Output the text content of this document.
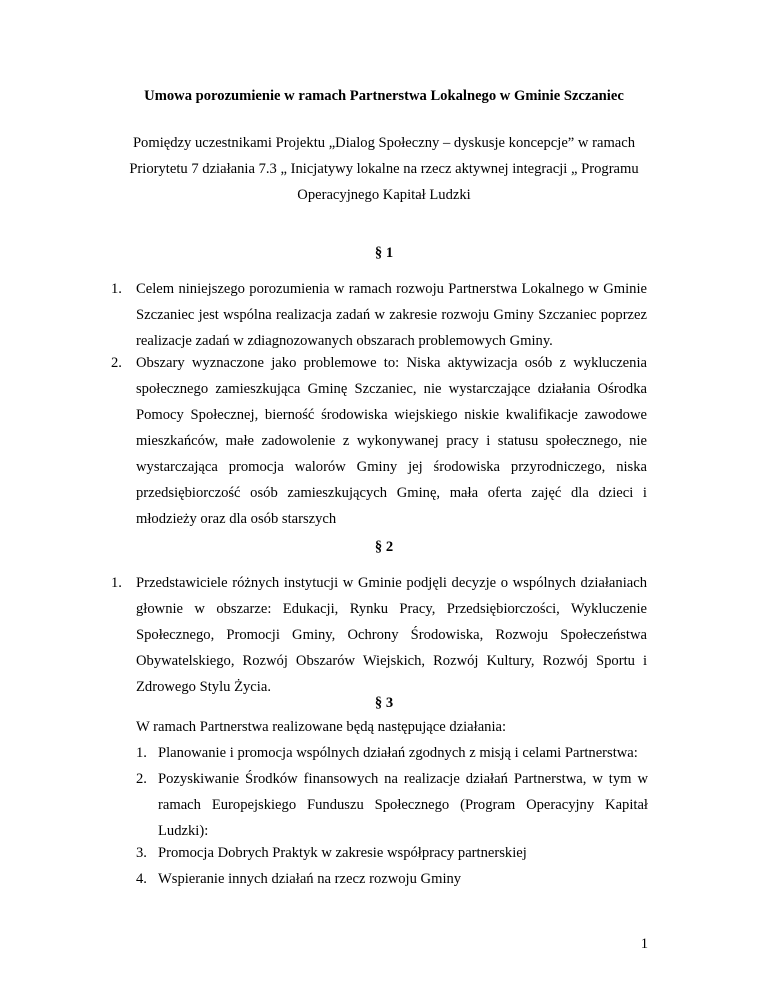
Umowa porozumienie w ramach Partnerstwa Lokalnego w Gminie Szczaniec
Pomiędzy uczestnikami Projektu „Dialog Społeczny – dyskusje koncepcje” w ramach Priorytetu 7 działania 7.3 „ Inicjatywy lokalne na rzecz aktywnej integracji „ Programu Operacyjnego Kapitał Ludzki
§ 1
1. Celem niniejszego porozumienia w ramach rozwoju Partnerstwa Lokalnego w Gminie Szczaniec jest wspólna realizacja zadań w zakresie rozwoju Gminy Szczaniec poprzez realizacje zadań w zdiagnozowanych obszarach problemowych Gminy.
2. Obszary wyznaczone jako problemowe to: Niska aktywizacja osób z wykluczenia społecznego zamieszkująca Gminę Szczaniec, nie wystarczające działania Ośrodka Pomocy Społecznej, bierność środowiska wiejskiego niskie kwalifikacje zawodowe mieszkańców, małe zadowolenie z wykonywanej pracy i statusu społecznego, nie wystarczająca promocja walorów Gminy jej środowiska przyrodniczego, niska przedsiębiorczość osób zamieszkujących Gminę, mała oferta zajęć dla dzieci i młodzieży oraz dla osób starszych
§ 2
1. Przedstawiciele różnych instytucji w Gminie podjęli decyzje o wspólnych działaniach głownie w obszarze: Edukacji, Rynku Pracy, Przedsiębiorczości, Wykluczenie Społecznego, Promocji Gminy, Ochrony Środowiska, Rozwoju Społeczeństwa Obywatelskiego, Rozwój Obszarów Wiejskich, Rozwój Kultury, Rozwój Sportu i Zdrowego Stylu Życia.
§ 3
W ramach Partnerstwa realizowane będą następujące działania:
1. Planowanie i promocja wspólnych działań zgodnych z misją i celami Partnerstwa:
2. Pozyskiwanie Środków finansowych na realizacje działań Partnerstwa, w tym w ramach Europejskiego Funduszu Społecznego (Program Operacyjny Kapitał Ludzki):
3. Promocja Dobrych Praktyk w zakresie współpracy partnerskiej
4. Wspieranie innych działań na rzecz rozwoju Gminy
1
